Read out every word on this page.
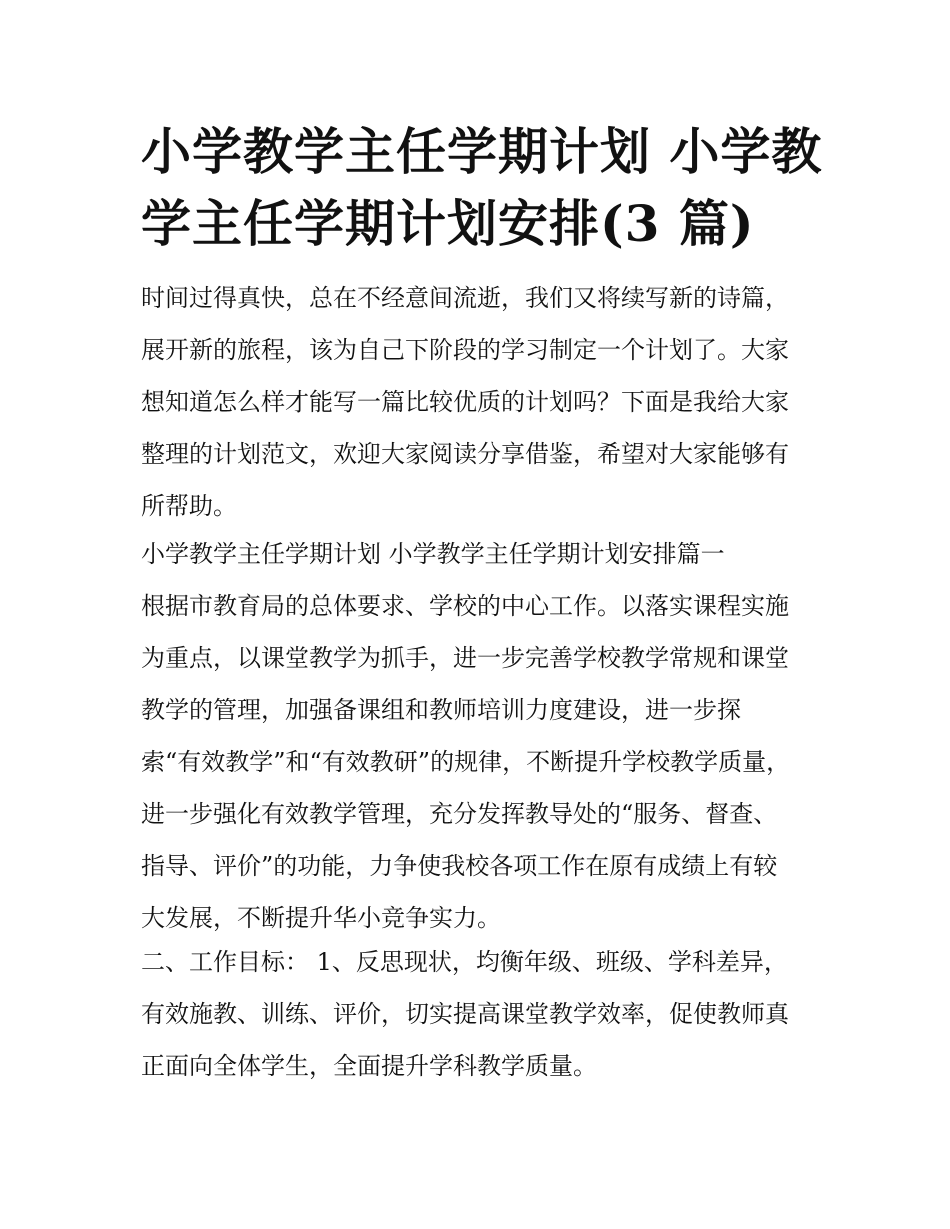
小学教学主任学期计划 小学教
学主任学期计划安排(3 篇)
时间过得真快，总在不经意间流逝，我们又将续写新的诗篇，
展开新的旅程，该为自己下阶段的学习制定一个计划了。大家
想知道怎么样才能写一篇比较优质的计划吗？下面是我给大家
整理的计划范文，欢迎大家阅读分享借鉴，希望对大家能够有
所帮助。
小学教学主任学期计划 小学教学主任学期计划安排篇一
根据市教育局的总体要求、学校的中心工作。以落实课程实施
为重点，以课堂教学为抓手，进一步完善学校教学常规和课堂
教学的管理，加强备课组和教师培训力度建设，进一步探
索“有效教学”和“有效教研”的规律，不断提升学校教学质量，
进一步强化有效教学管理，充分发挥教导处的“服务、督查、
指导、评价”的功能，力争使我校各项工作在原有成绩上有较
大发展，不断提升华小竞争实力。
二、工作目标： 1、反思现状，均衡年级、班级、学科差异，
有效施教、训练、评价，切实提高课堂教学效率，促使教师真
正面向全体学生，全面提升学科教学质量。
